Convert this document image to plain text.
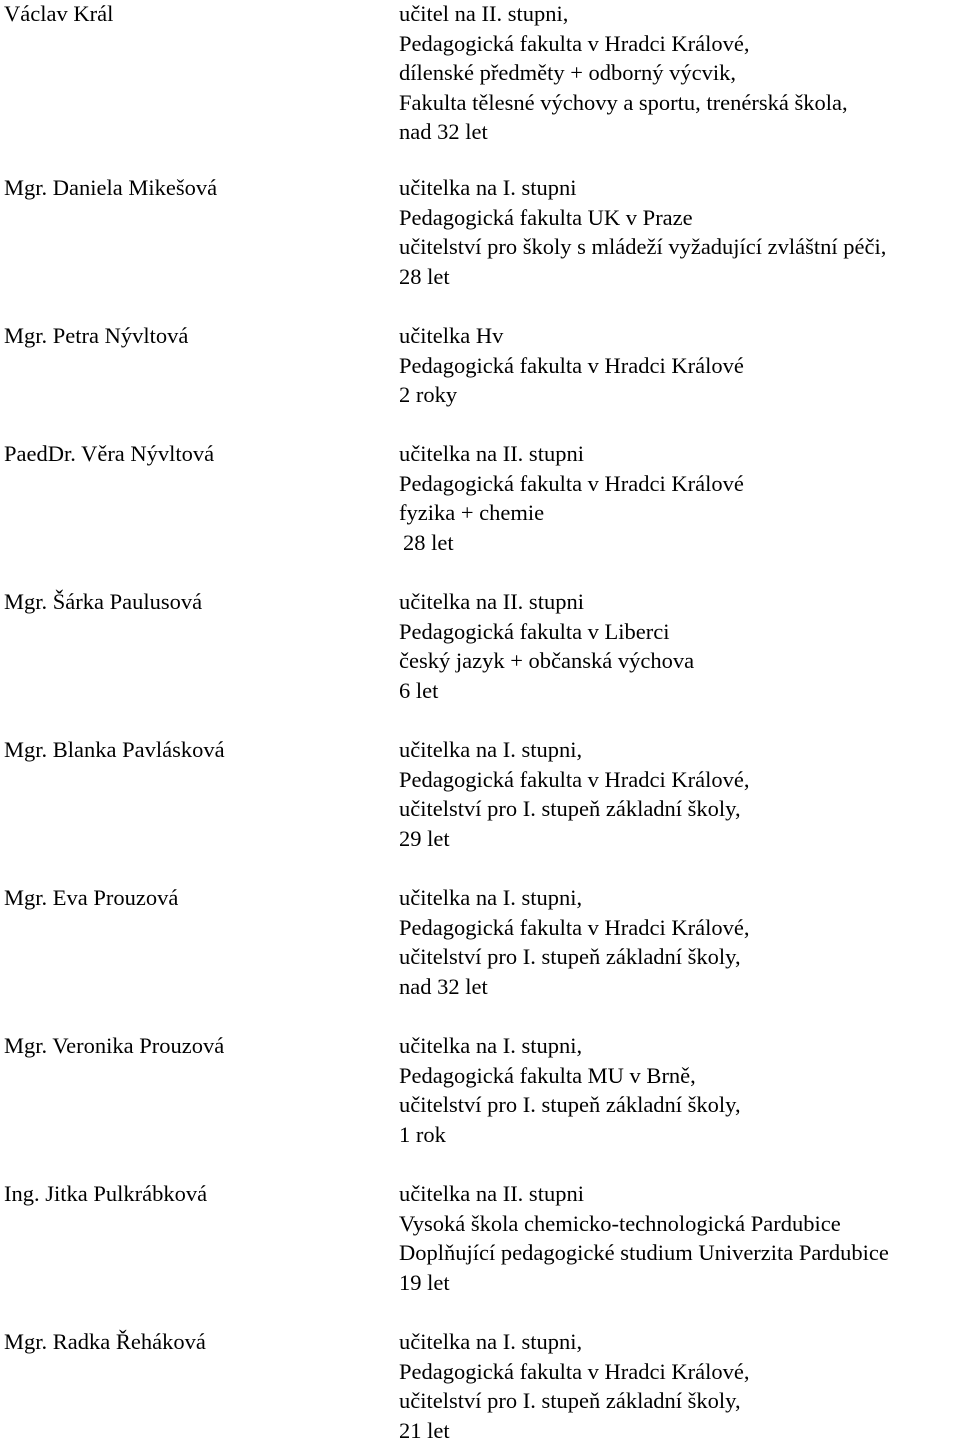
Václav Král	učitel na II. stupni,
Pedagogická fakulta v Hradci Králové,
dílenské předměty + odborný výcvik,
Fakulta tělesné výchovy a sportu, trenérská škola,
nad 32 let
Mgr. Daniela Mikešová	učitelka na I. stupni
Pedagogická fakulta UK v Praze
učitelství pro školy s mládeží vyžadující zvláštní péči,
28 let
Mgr. Petra Nývltová	učitelka Hv
Pedagogická fakulta v Hradci Králové
2 roky
PaedDr. Věra Nývltová	učitelka na II. stupni
Pedagogická fakulta v Hradci Králové
fyzika + chemie
28 let
Mgr. Šárka Paulusová	učitelka na II. stupni
Pedagogická fakulta v Liberci
český jazyk + občanská výchova
6 let
Mgr. Blanka Pavlásková	učitelka na I. stupni,
Pedagogická fakulta v Hradci Králové,
učitelství pro I. stupeň základní školy,
29 let
Mgr. Eva Prouzová	učitelka na I. stupni,
Pedagogická fakulta v Hradci Králové,
učitelství pro I. stupeň základní školy,
nad 32 let
Mgr. Veronika Prouzová	učitelka na I. stupni,
Pedagogická fakulta MU v Brně,
učitelství pro I. stupeň základní školy,
1 rok
Ing. Jitka Pulkrábková	učitelka na II. stupni
Vysoká škola chemicko-technologická Pardubice
Doplňující pedagogické studium Univerzita Pardubice
19 let
Mgr. Radka Řeháková	učitelka na I. stupni,
Pedagogická fakulta v Hradci Králové,
učitelství pro I. stupeň základní školy,
21 let
